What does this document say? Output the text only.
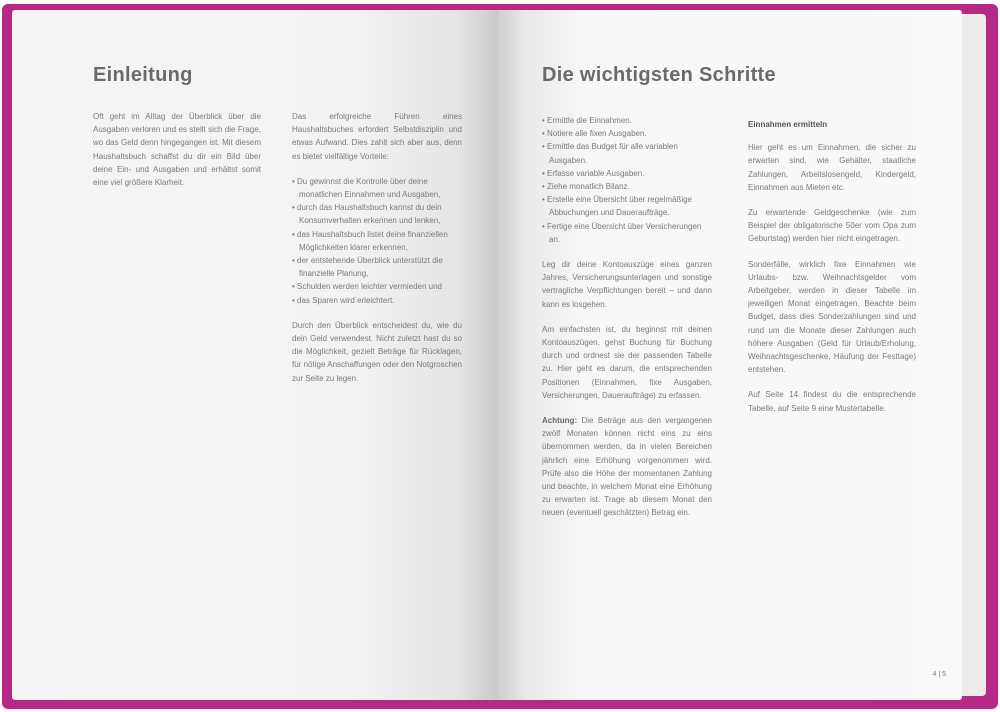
Einleitung

Oft geht im Alltag der Überblick über die Ausgaben verloren und es stellt sich die Frage, wo das Geld denn hingegangen ist. Mit diesem Haushaltsbuch schaffst du dir ein Bild über deine Ein- und Ausgaben und erhältst somit eine viel größere Klarheit.

Das erfolgreiche Führen eines Haushaltsbuches erfordert Selbstdisziplin und etwas Aufwand. Dies zahlt sich aber aus, denn es bietet vielfältige Vorteile:

• Du gewinnst die Kontrolle über deine monatlichen Einnahmen und Ausgaben,
• durch das Haushaltsbuch kannst du dein Konsumverhalten erkennen und lenken,
• das Haushaltsbuch listet deine finanziellen Möglichkeiten klarer erkennen,
• der entstehende Überblick unterstützt die finanzielle Planung,
• Schulden werden leichter vermieden und
• das Sparen wird erleichtert.

Durch den Überblick entscheidest du, wie du dein Geld verwendest. Nicht zuletzt hast du so die Möglichkeit, gezielt Beträge für Rücklagen, für nötige Anschaffungen oder den Notgroschen zur Seite zu legen.

Die wichtigsten Schritte
• Ermittle die Einnahmen.
• Notiere alle fixen Ausgaben.
• Ermittle das Budget für alle variablen Ausgaben.
• Erfasse variable Ausgaben.
• Ziehe monatlich Bilanz.
• Erstelle eine Übersicht über regelmäßige Abbuchungen und Daueraufträge.
• Fertige eine Übersicht über Versicherungen an.

Leg dir deine Kontoauszüge eines ganzen Jahres, Versicherungsunterlagen und sonstige vertragliche Verpflichtungen bereit – und dann kann es losgehen.

Am einfachsten ist, du beginnst mit deinen Kontoauszügen, gehst Buchung für Buchung durch und ordnest sie der passenden Tabelle zu. Hier geht es darum, die entsprechenden Positionen (Einnahmen, fixe Ausgaben, Versicherungen, Daueraufträge) zu erfassen.

Achtung: Die Beträge aus den vergangenen zwölf Monaten können nicht eins zu eins übernommen werden, da in vielen Bereichen jährlich eine Erhöhung vorgenommen wird. Prüfe also die Höhe der momentanen Zahlung und beachte, in welchem Monat eine Erhöhung zu erwarten ist. Trage ab diesem Monat den neuen (eventuell geschätzten) Betrag ein.

Einnahmen ermitteln

Hier geht es um Einnahmen, die sicher zu erwarten sind, wie Gehälter, staatliche Zahlungen, Arbeitslosengeld, Kindergeld, Einnahmen aus Mieten etc.

Zu erwartende Geldgeschenke (wie zum Beispiel der obligatorische 50er vom Opa zum Geburtstag) werden hier nicht eingetragen.

Sonderfälle, wirklich fixe Einnahmen wie Urlaubs- bzw. Weihnachtsgelder vom Arbeitgeber, werden in dieser Tabelle im jeweiligen Monat eingetragen. Beachte beim Budget, dass dies Sonderzahlungen sind und rund um die Monate dieser Zahlungen auch höhere Ausgaben (Geld für Urlaub/Erholung, Weihnachtsgeschenke, Häufung der Festtage) entstehen.

Auf Seite 14 findest du die entsprechende Tabelle, auf Seite 9 eine Mustertabelle.

4 | 5
